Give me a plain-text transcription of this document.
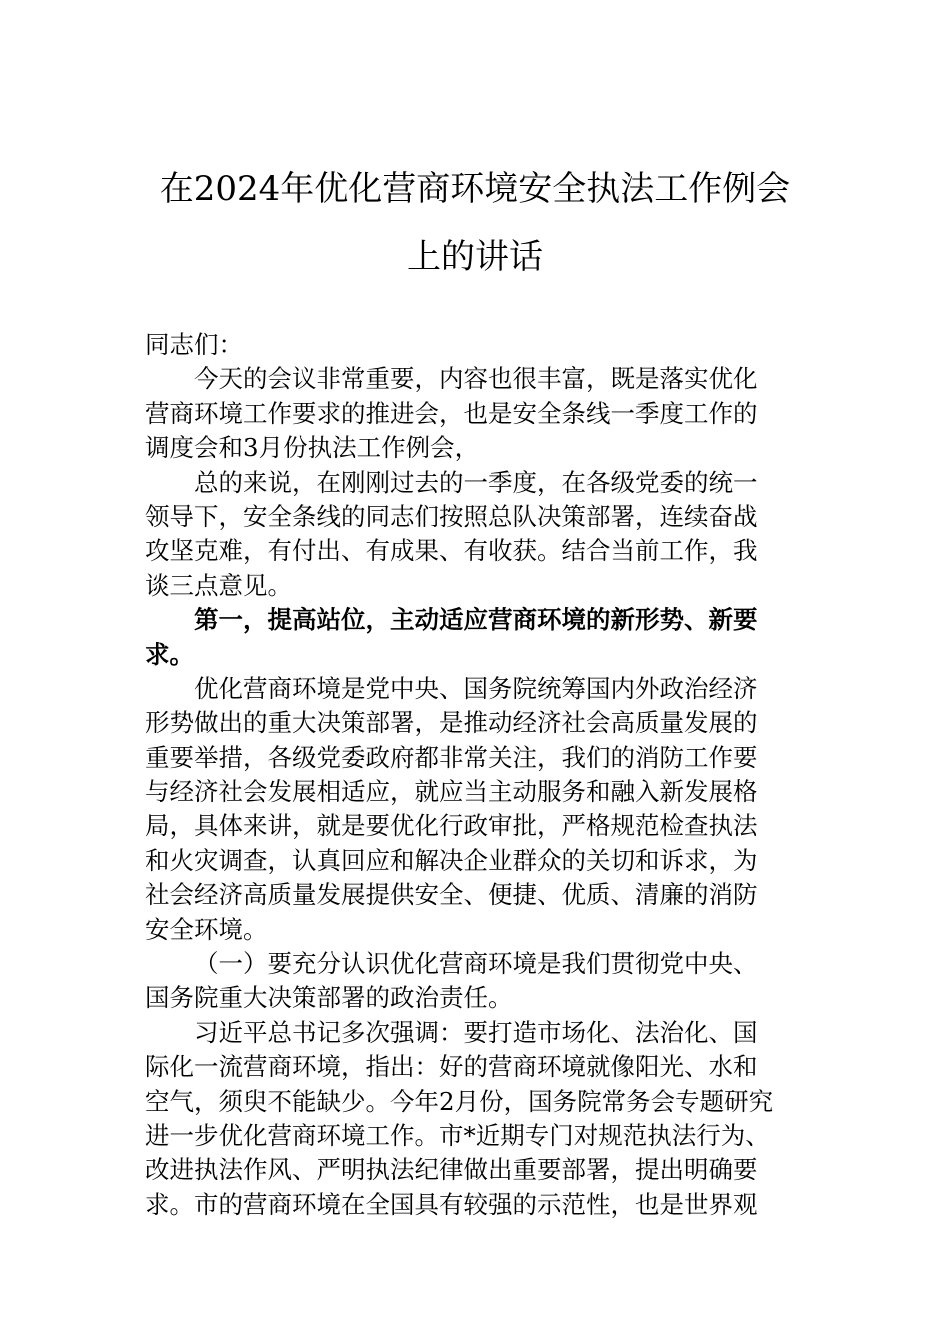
在2024年优化营商环境安全执法工作例会
上的讲话
同志们：
今天的会议非常重要，内容也很丰富，既是落实优化
营商环境工作要求的推进会，也是安全条线一季度工作的
调度会和3月份执法工作例会，
总的来说，在刚刚过去的一季度，在各级党委的统一
领导下，安全条线的同志们按照总队决策部署，连续奋战
攻坚克难，有付出、有成果、有收获。结合当前工作，我
谈三点意见。
第一，提高站位，主动适应营商环境的新形势、新要
求。
优化营商环境是党中央、国务院统筹国内外政治经济
形势做出的重大决策部署，是推动经济社会高质量发展的
重要举措，各级党委政府都非常关注，我们的消防工作要
与经济社会发展相适应，就应当主动服务和融入新发展格
局，具体来讲，就是要优化行政审批，严格规范检查执法
和火灾调查，认真回应和解决企业群众的关切和诉求，为
社会经济高质量发展提供安全、便捷、优质、清廉的消防
安全环境。
（一）要充分认识优化营商环境是我们贯彻党中央、
国务院重大决策部署的政治责任。
习近平总书记多次强调：要打造市场化、法治化、国
际化一流营商环境，指出：好的营商环境就像阳光、水和
空气，须臾不能缺少。今年2月份，国务院常务会专题研究
进一步优化营商环境工作。市*近期专门对规范执法行为、
改进执法作风、严明执法纪律做出重要部署，提出明确要
求。市的营商环境在全国具有较强的示范性，也是世界观
